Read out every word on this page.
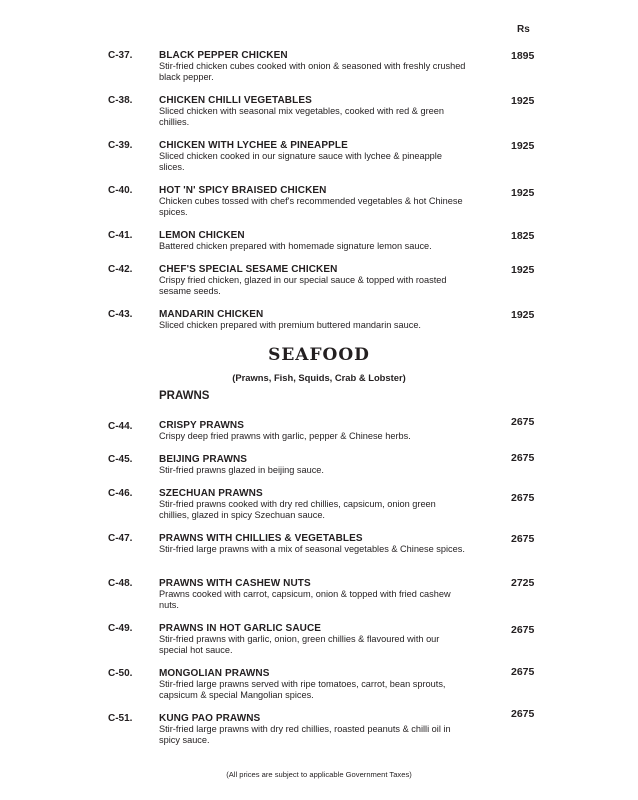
Rs
C-37.	BLACK PEPPER CHICKEN
Stir-fried chicken cubes cooked with onion & seasoned with freshly crushed black pepper.
1895
C-38.	CHICKEN CHILLI VEGETABLES
Sliced chicken with seasonal mix vegetables, cooked with red & green chillies.
1925
C-39.	CHICKEN WITH LYCHEE & PINEAPPLE
Sliced chicken cooked in our signature sauce with lychee & pineapple slices.
1925
C-40.	HOT 'N' SPICY BRAISED CHICKEN
Chicken cubes tossed with chef's recommended vegetables & hot Chinese spices.
1925
C-41.	LEMON CHICKEN
Battered chicken prepared with homemade signature lemon sauce.
1825
C-42.	CHEF'S SPECIAL SESAME CHICKEN
Crispy fried chicken, glazed in our special sauce & topped with roasted sesame seeds.
1925
C-43.	MANDARIN CHICKEN
Sliced chicken prepared with premium buttered mandarin sauce.
1925
SEAFOOD
(Prawns, Fish, Squids, Crab & Lobster)
PRAWNS
C-44.	CRISPY PRAWNS
Crispy deep fried prawns with garlic, pepper & Chinese herbs.
2675
C-45.	BEIJING PRAWNS
Stir-fried prawns glazed in beijing sauce.
2675
C-46.	SZECHUAN PRAWNS
Stir-fried prawns cooked with dry red chillies, capsicum, onion green chillies, glazed in spicy Szechuan sauce.
2675
C-47.	PRAWNS WITH CHILLIES & VEGETABLES
Stir-fried large prawns with a mix of seasonal vegetables & Chinese spices.
2675
C-48.	PRAWNS WITH CASHEW NUTS
Prawns cooked with carrot, capsicum, onion & topped with fried cashew nuts.
2725
C-49.	PRAWNS IN HOT GARLIC SAUCE
Stir-fried prawns with garlic, onion, green chillies & flavoured with our special hot sauce.
2675
C-50.	MONGOLIAN PRAWNS
Stir-fried large prawns served with ripe tomatoes, carrot, bean sprouts, capsicum & special Mangolian spices.
2675
C-51.	KUNG PAO PRAWNS
Stir-fried large prawns with dry red chillies, roasted peanuts & chilli oil in spicy sauce.
2675
(All prices are subject to applicable Government Taxes)
